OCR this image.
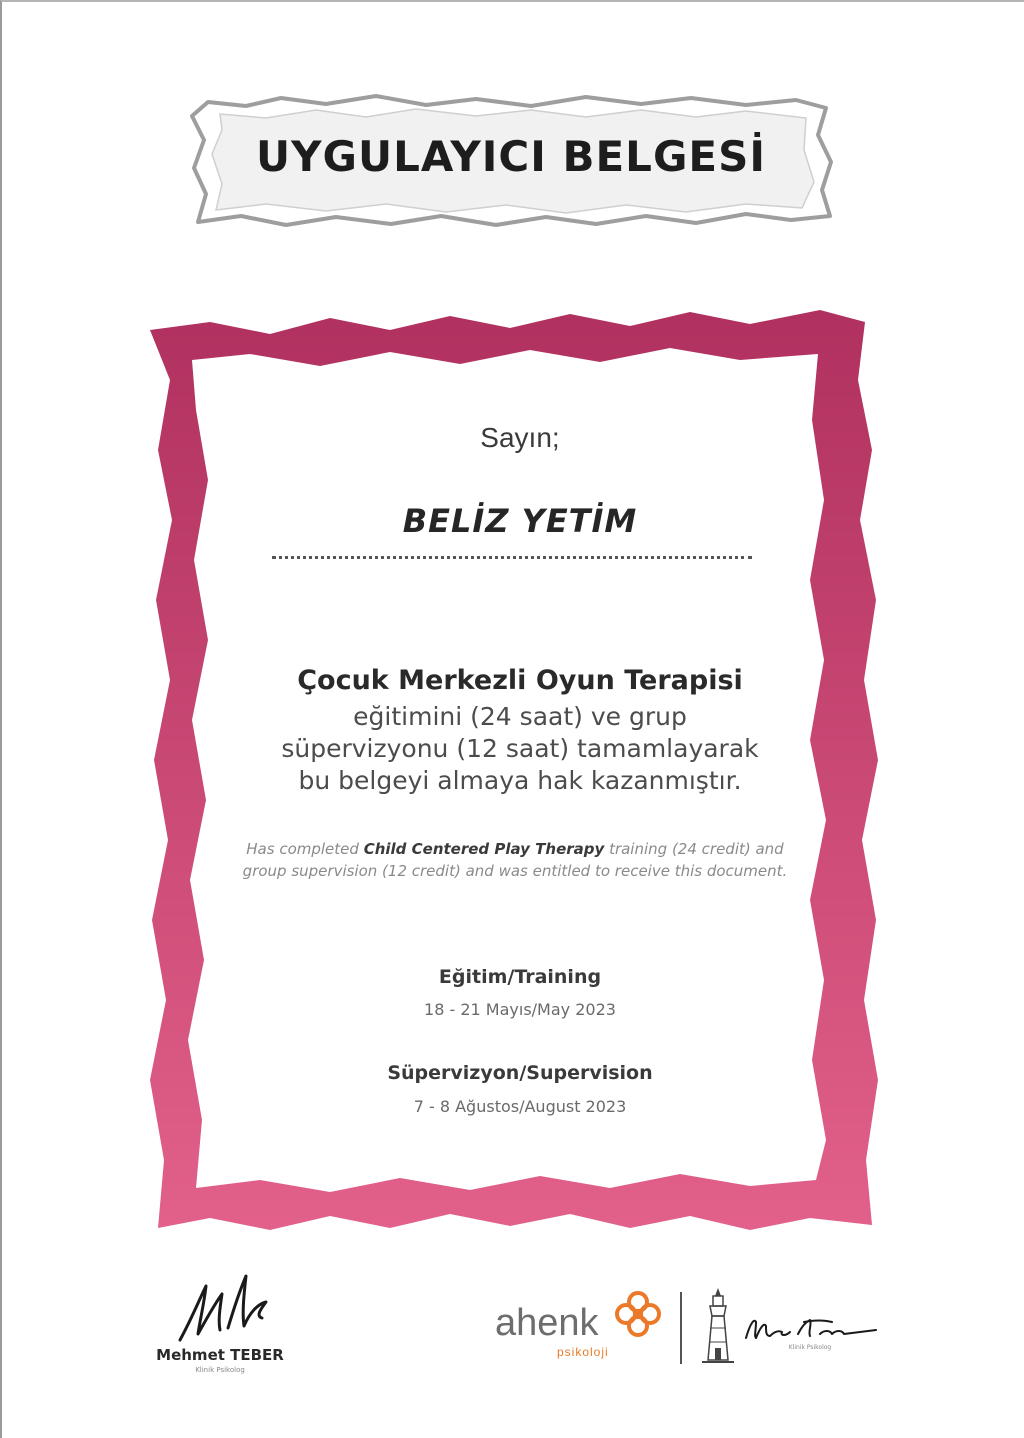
UYGULAYICI BELGESİ
Sayın;
BELİZ YETİM
Çocuk Merkezli Oyun Terapisi
eğitimini (24 saat) ve grup
süpervizyonu (12 saat) tamamlayarak
bu belgeyi almaya hak kazanmıştır.
Has completed Child Centered Play Therapy training (24 credit) and group supervision (12 credit) and was entitled to receive this document.
Eğitim/Training
18 - 21 Mayıs/May 2023
Süpervizyon/Supervision
7 - 8 Ağustos/August 2023
Mehmet TEBER
Klinik Psikolog
ahenk
psikoloji	Klinik Psikolog
